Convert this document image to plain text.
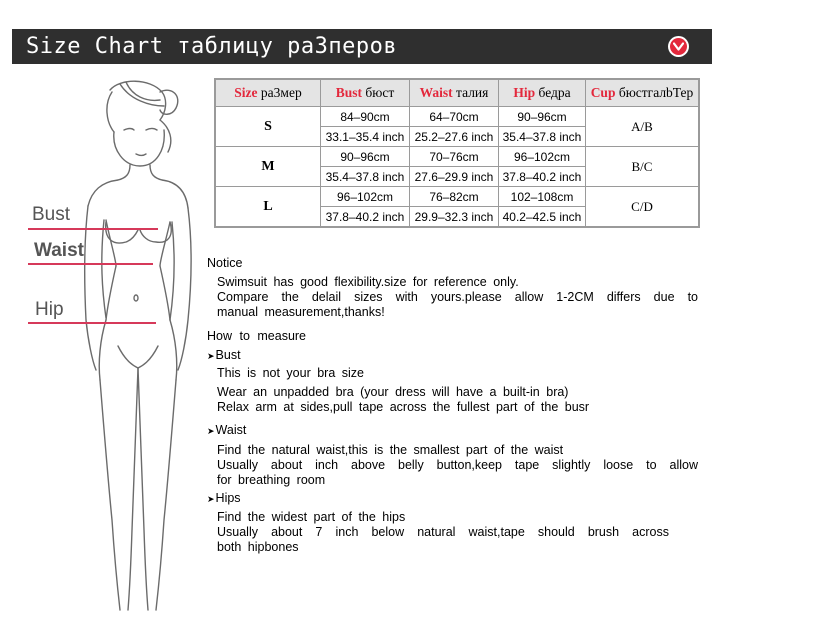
Size Chart таблицу ра3перов
Bust
Waist
Hip
Size ра3мер	Bust бюст	Waist талия	Hip бедра	Cup бюстгалbТер
S	84–90cm	64–70cm	90–96cm	A/B
	33.1–35.4 inch	25.2–27.6 inch	35.4–37.8 inch	
M	90–96cm	70–76cm	96–102cm	B/C
	35.4–37.8 inch	27.6–29.9 inch	37.8–40.2 inch	
L	96–102cm	76–82cm	102–108cm	C/D
	37.8–40.2 inch	29.9–32.3 inch	40.2–42.5 inch	
Notice
Swimsuit has good flexibility.size for reference only.
Compare the delail sizes with yours.please allow 1-2CM differs due to
manual measurement,thanks!
How to measure
➤Bust
This is not your bra size
Wear an unpadded bra (your dress will have a built-in bra)
Relax arm at sides,pull tape across the fullest part of the busr
➤Waist
Find the natural waist,this is the smallest part of the waist
Usually about inch above belly button,keep tape slightly loose to allow
for breathing room
➤Hips
Find the widest part of the hips
Usually about 7 inch below natural waist,tape should brush across
both hipbones
